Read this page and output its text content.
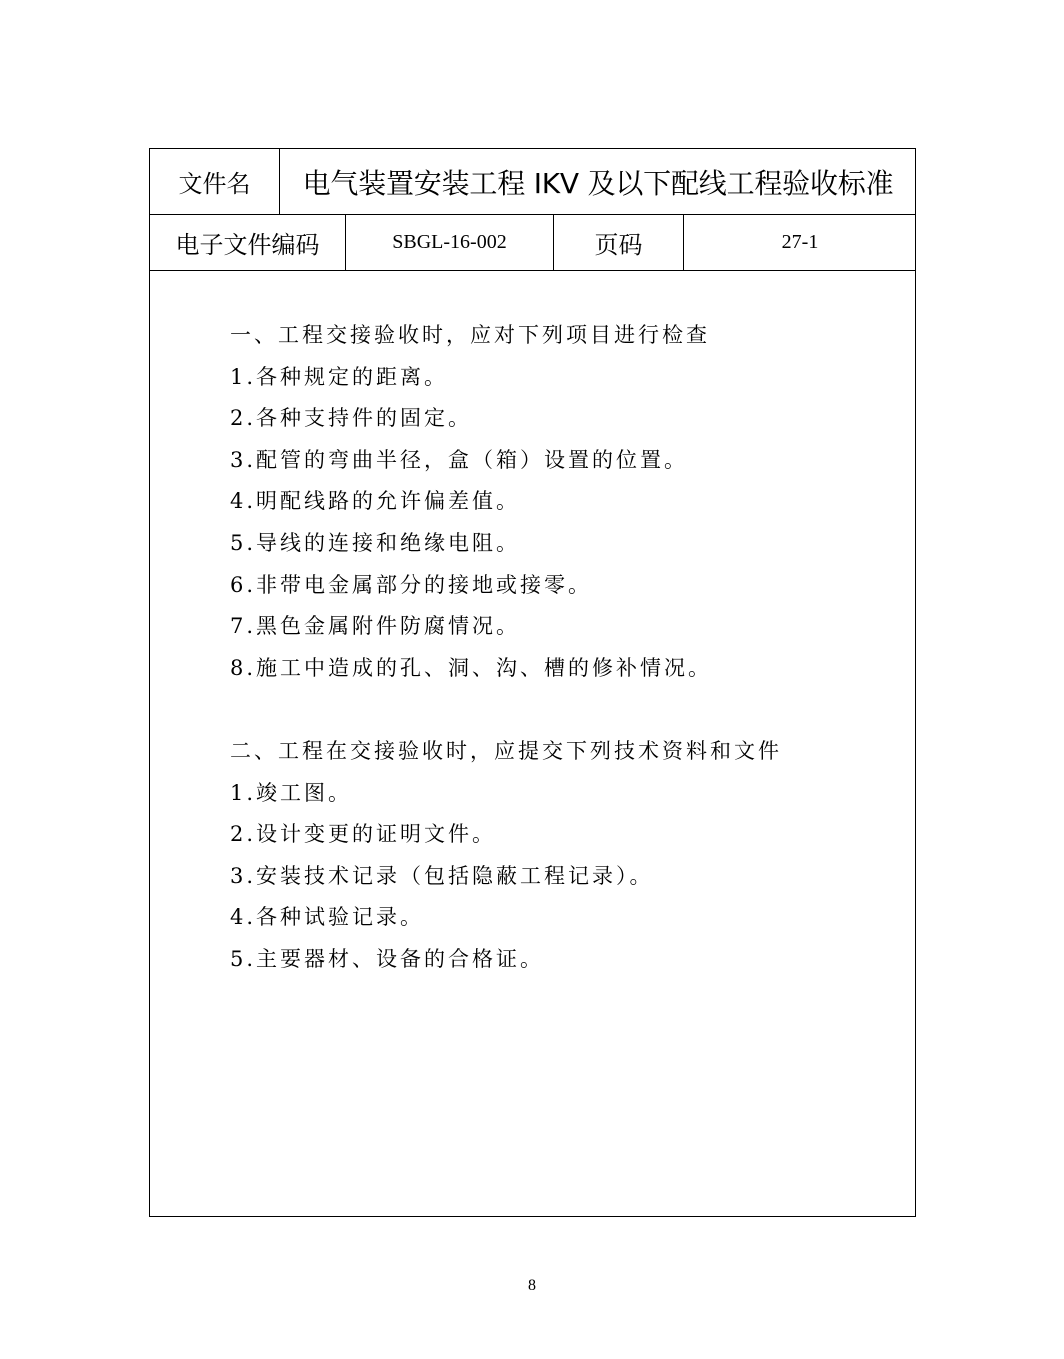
文件名 电气装置安装工程 IKV 及以下配线工程验收标准
电子文件编码	SBGL-16-002	页码	27-1
一、工程交接验收时，应对下列项目进行检查
1.各种规定的距离。
2.各种支持件的固定。
3.配管的弯曲半径，盒（箱）设置的位置。
4.明配线路的允许偏差值。
5.导线的连接和绝缘电阻。
6.非带电金属部分的接地或接零。
7.黑色金属附件防腐情况。
8.施工中造成的孔、洞、沟、槽的修补情况。
二、工程在交接验收时，应提交下列技术资料和文件
1.竣工图。
2.设计变更的证明文件。
3.安装技术记录（包括隐蔽工程记录）。
4.各种试验记录。
5.主要器材、设备的合格证。
8
